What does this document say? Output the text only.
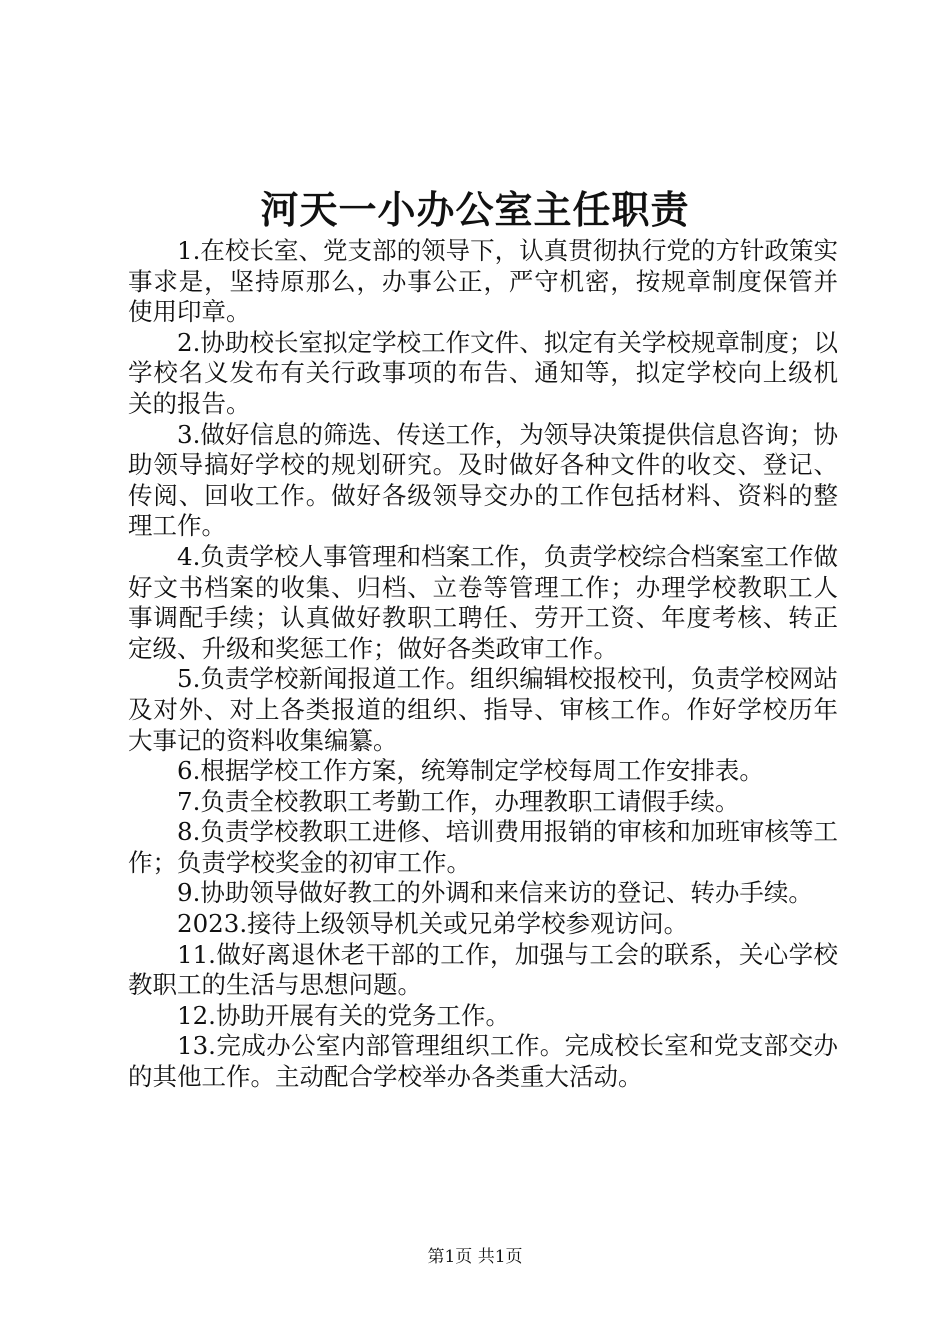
河天一小办公室主任职责

1.在校长室、党支部的领导下，认真贯彻执行党的方针政策实事求是，坚持原那么，办事公正，严守机密，按规章制度保管并使用印章。

2.协助校长室拟定学校工作文件、拟定有关学校规章制度；以学校名义发布有关行政事项的布告、通知等，拟定学校向上级机关的报告。

3.做好信息的筛选、传送工作，为领导决策提供信息咨询；协助领导搞好学校的规划研究。及时做好各种文件的收交、登记、传阅、回收工作。做好各级领导交办的工作包括材料、资料的整理工作。

4.负责学校人事管理和档案工作，负责学校综合档案室工作做好文书档案的收集、归档、立卷等管理工作；办理学校教职工人事调配手续；认真做好教职工聘任、劳开工资、年度考核、转正定级、升级和奖惩工作；做好各类政审工作。

5.负责学校新闻报道工作。组织编辑校报校刊，负责学校网站及对外、对上各类报道的组织、指导、审核工作。作好学校历年大事记的资料收集编纂。

6.根据学校工作方案，统筹制定学校每周工作安排表。

7.负责全校教职工考勤工作，办理教职工请假手续。

8.负责学校教职工进修、培训费用报销的审核和加班审核等工作；负责学校奖金的初审工作。

9.协助领导做好教工的外调和来信来访的登记、转办手续。

2023.接待上级领导机关或兄弟学校参观访问。

11.做好离退休老干部的工作，加强与工会的联系，关心学校教职工的生活与思想问题。

12.协助开展有关的党务工作。

13.完成办公室内部管理组织工作。完成校长室和党支部交办的其他工作。主动配合学校举办各类重大活动。

第1页 共1页
